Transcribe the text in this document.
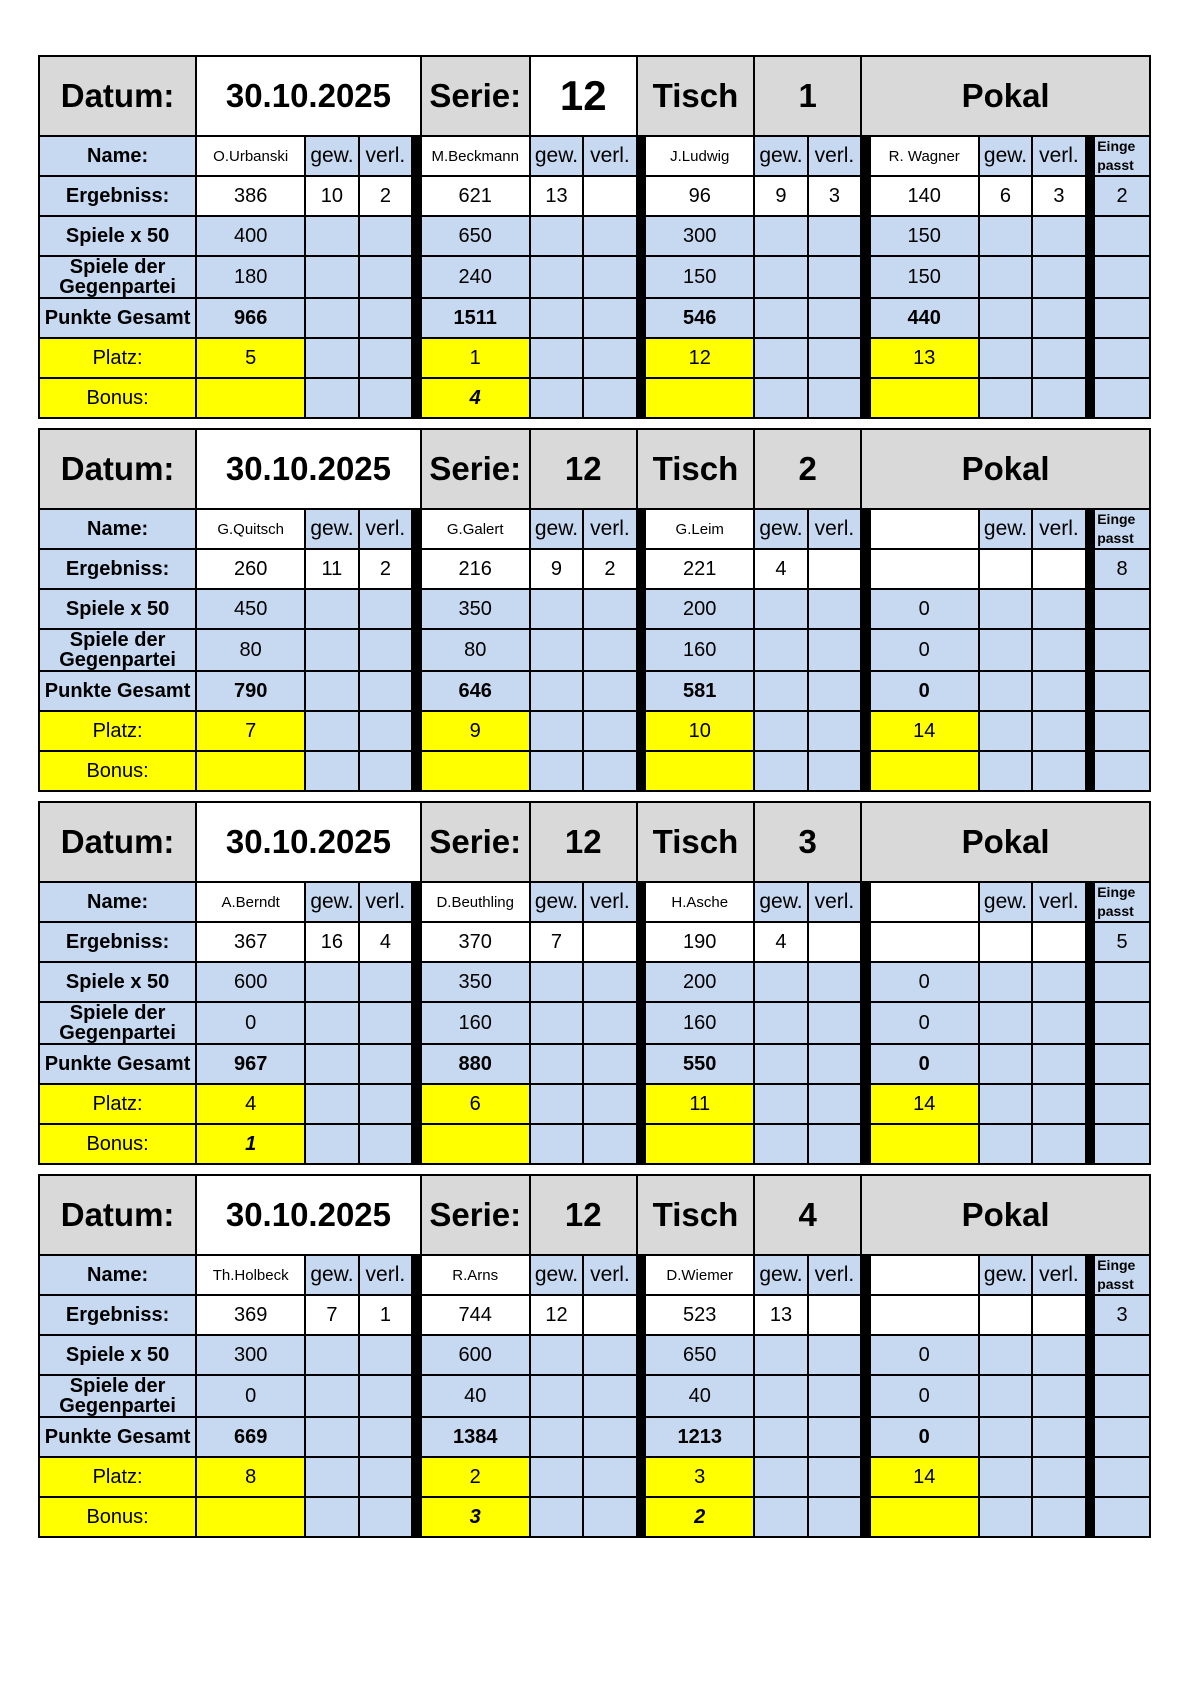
Datum:	30.10.2025				Serie:	12		Tisch		1		Pokal					
Name:	O.Urbanski	gew.	verl.		M.Beckmann	gew.	verl.		J.Ludwig	gew.	verl.		R. Wagner	gew.	verl.		Einge passt
Ergebniss:	386	10	2		621	13			96	9	3		140	6	3		2
Spiele x 50	400				650				300				150				
Spiele der Gegenpartei	180				240				150				150				
Punkte Gesamt	966				1511				546				440				
Platz:	5				1				12				13				
Bonus:					4												
Datum:	30.10.2025				Serie:	12		Tisch		2		Pokal					
Name:	G.Quitsch	gew.	verl.		G.Galert	gew.	verl.		G.Leim	gew.	verl.			gew.	verl.		Einge passt
Ergebniss:	260	11	2		216	9	2		221	4							8
Spiele x 50	450				350				200				0				
Spiele der Gegenpartei	80				80				160				0				
Punkte Gesamt	790				646				581				0				
Platz:	7				9				10				14				
Bonus:																	
Datum:	30.10.2025				Serie:	12		Tisch		3		Pokal					
Name:	A.Berndt	gew.	verl.		D.Beuthling	gew.	verl.		H.Asche	gew.	verl.			gew.	verl.		Einge passt
Ergebniss:	367	16	4		370	7			190	4							5
Spiele x 50	600				350				200				0				
Spiele der Gegenpartei	0				160				160				0				
Punkte Gesamt	967				880				550				0				
Platz:	4				6				11				14				
Bonus:	1																
Datum:	30.10.2025				Serie:	12		Tisch		4		Pokal					
Name:	Th.Holbeck	gew.	verl.		R.Arns	gew.	verl.		D.Wiemer	gew.	verl.			gew.	verl.		Einge passt
Ergebniss:	369	7	1		744	12			523	13							3
Spiele x 50	300				600				650				0				
Spiele der Gegenpartei	0				40				40				0				
Punkte Gesamt	669				1384				1213				0				
Platz:	8				2				3				14				
Bonus:					3				2								
